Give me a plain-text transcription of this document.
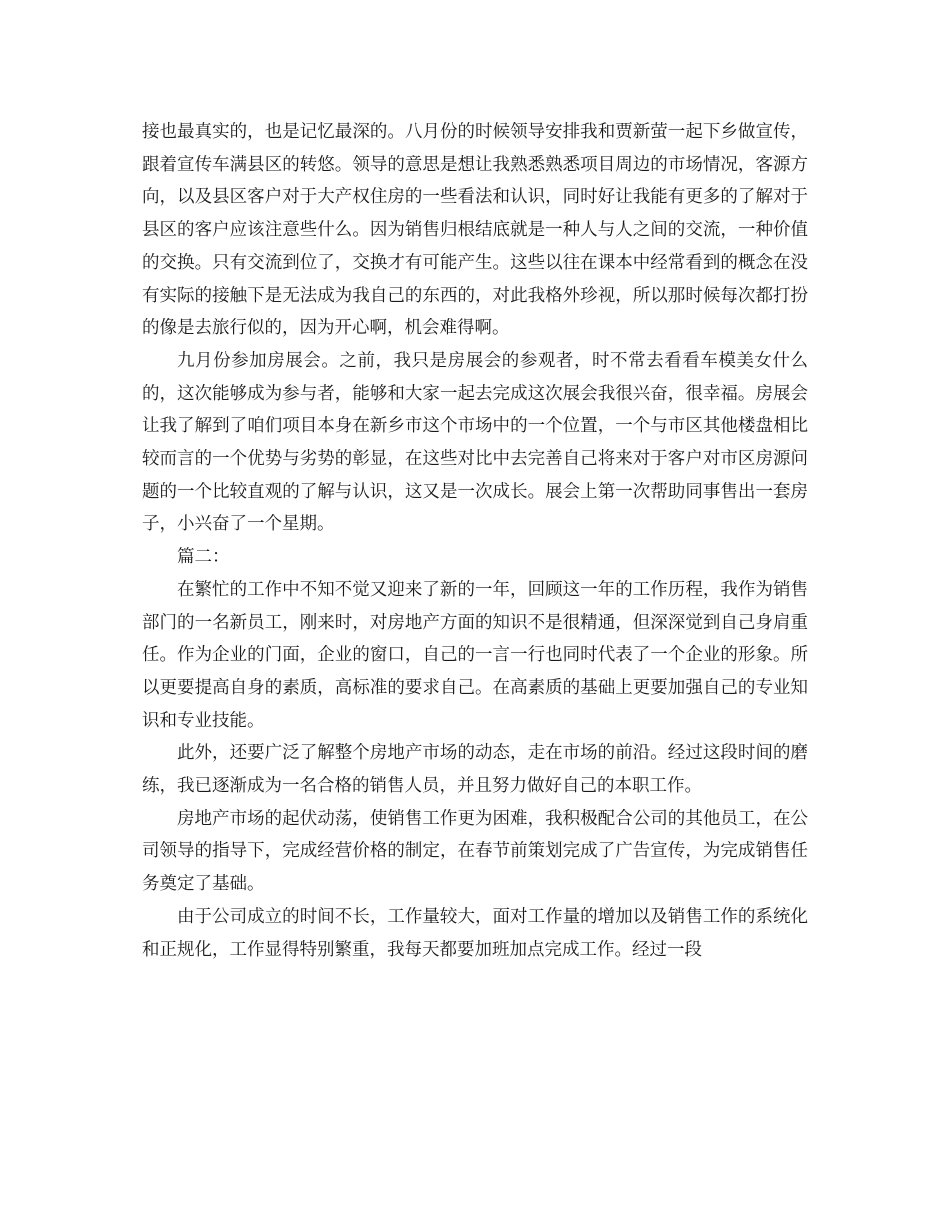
接也最真实的，也是记忆最深的。八月份的时候领导安排我和贾新萤一起下乡做宣传，跟着宣传车满县区的转悠。领导的意思是想让我熟悉熟悉项目周边的市场情况，客源方向，以及县区客户对于大产权住房的一些看法和认识，同时好让我能有更多的了解对于县区的客户应该注意些什么。因为销售归根结底就是一种人与人之间的交流，一种价值的交换。只有交流到位了，交换才有可能产生。这些以往在课本中经常看到的概念在没有实际的接触下是无法成为我自己的东西的，对此我格外珍视，所以那时候每次都打扮的像是去旅行似的，因为开心啊，机会难得啊。

九月份参加房展会。之前，我只是房展会的参观者，时不常去看看车模美女什么的，这次能够成为参与者，能够和大家一起去完成这次展会我很兴奋，很幸福。房展会让我了解到了咱们项目本身在新乡市这个市场中的一个位置，一个与市区其他楼盘相比较而言的一个优势与劣势的彰显，在这些对比中去完善自己将来对于客户对市区房源问题的一个比较直观的了解与认识，这又是一次成长。展会上第一次帮助同事售出一套房子，小兴奋了一个星期。

篇二：

在繁忙的工作中不知不觉又迎来了新的一年，回顾这一年的工作历程，我作为销售部门的一名新员工，刚来时，对房地产方面的知识不是很精通，但深深觉到自己身肩重任。作为企业的门面，企业的窗口，自己的一言一行也同时代表了一个企业的形象。所以更要提高自身的素质，高标准的要求自己。在高素质的基础上更要加强自己的专业知识和专业技能。

此外，还要广泛了解整个房地产市场的动态，走在市场的前沿。经过这段时间的磨练，我已逐渐成为一名合格的销售人员，并且努力做好自己的本职工作。

房地产市场的起伏动荡，使销售工作更为困难，我积极配合公司的其他员工，在公司领导的指导下，完成经营价格的制定，在春节前策划完成了广告宣传，为完成销售任务奠定了基础。

由于公司成立的时间不长，工作量较大，面对工作量的增加以及销售工作的系统化和正规化，工作显得特别繁重，我每天都要加班加点完成工作。经过一段
